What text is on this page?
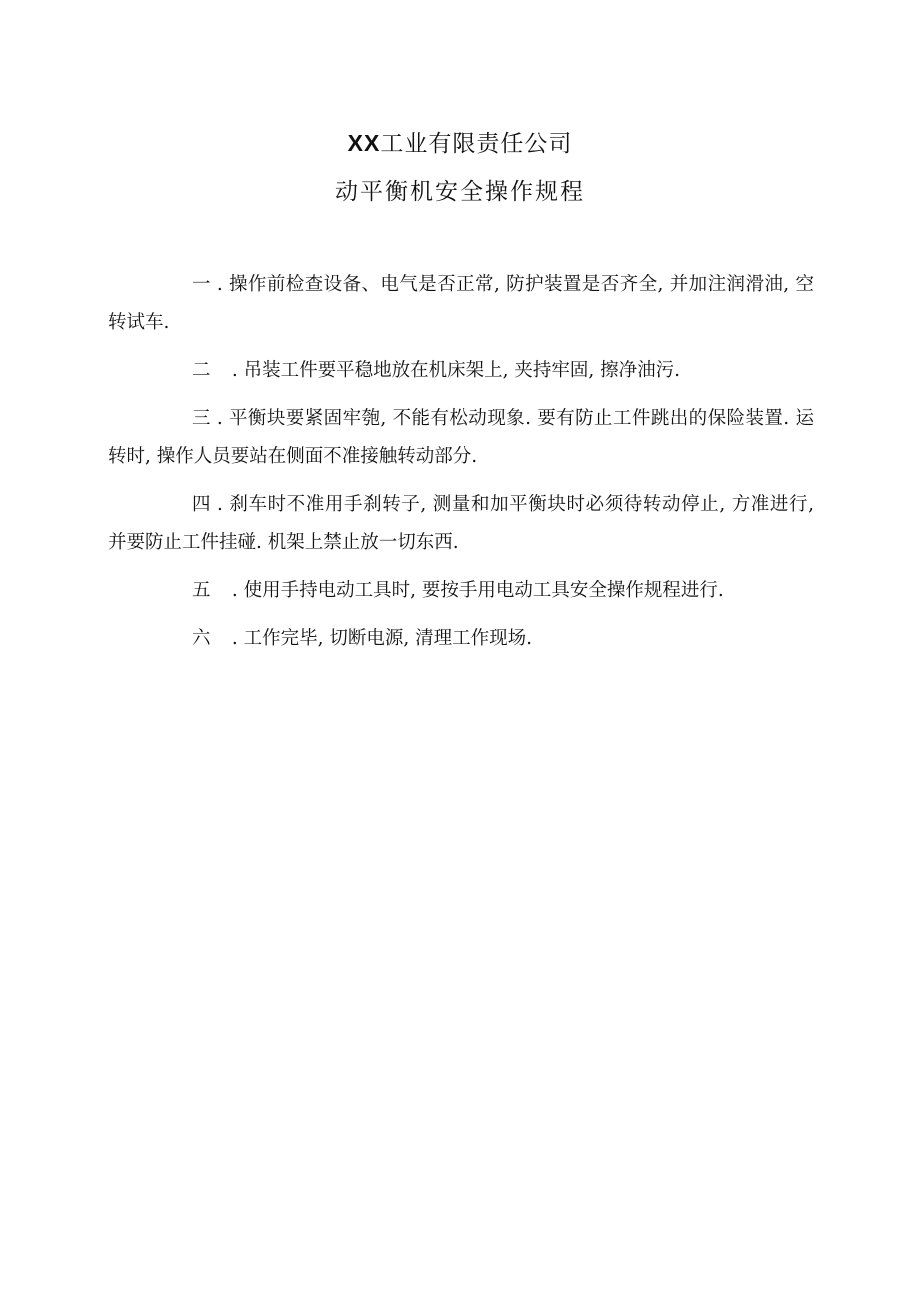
XX工业有限责任公司
动平衡机安全操作规程

一 . 操作前检查设备、电气是否正常, 防护装置是否齐全, 并加注润滑油, 空转试车.

二 . 吊装工件要平稳地放在机床架上, 夹持牢固, 擦净油污.

三 . 平衡块要紧固牢匏, 不能有松动现象. 要有防止工件跳出的保险装置. 运转时, 操作人员要站在侧面不准接触转动部分.

四 . 刹车时不准用手刹转子, 测量和加平衡块时必须待转动停止, 方准进行, 并要防止工件挂碰. 机架上禁止放一切东西.

五 . 使用手持电动工具时, 要按手用电动工具安全操作规程进行.

六 . 工作完毕, 切断电源, 清理工作现场.
